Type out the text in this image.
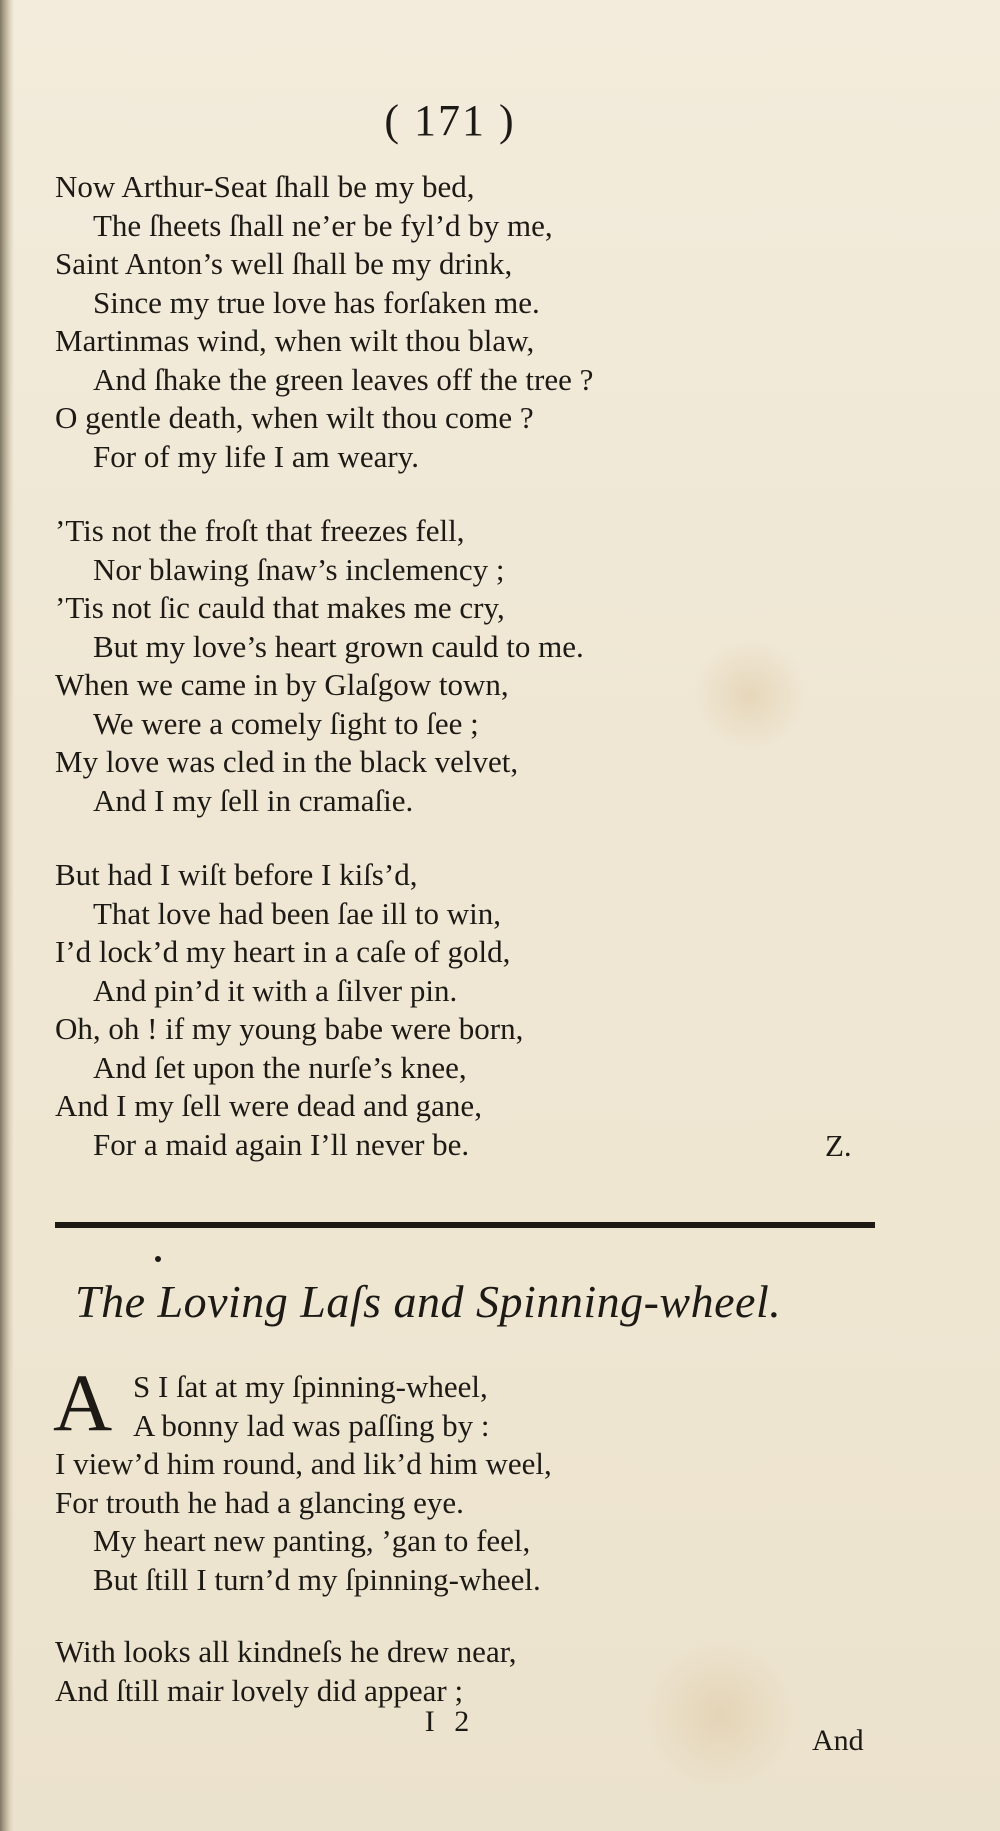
( 171 )
Now Arthur-Seat ſhall be my bed,
The ſheets ſhall ne’er be fyl’d by me,
Saint Anton’s well ſhall be my drink,
Since my true love has forſaken me.
Martinmas wind, when wilt thou blaw,
And ſhake the green leaves off the tree ?
O gentle death, when wilt thou come ?
For of my life I am weary.
’Tis not the froſt that freezes fell,
Nor blawing ſnaw’s inclemency ;
’Tis not ſic cauld that makes me cry,
But my love’s heart grown cauld to me.
When we came in by Glaſgow town,
We were a comely ſight to ſee ;
My love was cled in the black velvet,
And I my ſell in cramaſie.
But had I wiſt before I kiſs’d,
That love had been ſae ill to win,
I’d lock’d my heart in a caſe of gold,
And pin’d it with a ſilver pin.
Oh, oh ! if my young babe were born,
And ſet upon the nurſe’s knee,
And I my ſell were dead and gane,
For a maid again I’ll never be.	Z.
The Loving Laſs and Spinning-wheel.
A S I ſat at my ſpinning-wheel,
A bonny lad was paſſing by :
I view’d him round, and lik’d him weel,
For trouth he had a glancing eye.
My heart new panting, ’gan to feel,
But ſtill I turn’d my ſpinning-wheel.
With looks all kindneſs he drew near,
And ſtill mair lovely did appear ;
I 2
And
